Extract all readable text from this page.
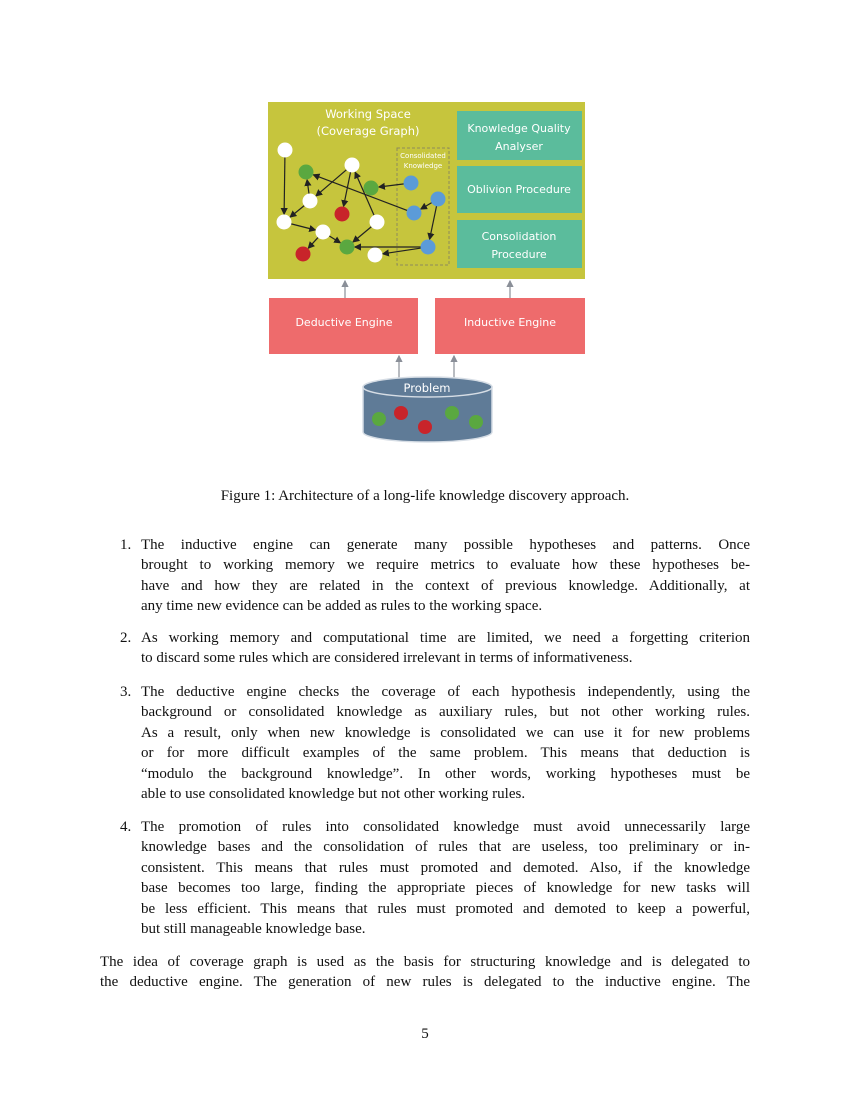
Working Space
(Coverage Graph)
Consolidated
Knowledge
Knowledge Quality
Analyser
Oblivion Procedure
Consolidation
Procedure
Deductive Engine	Inductive Engine
Problem
Figure 1: Architecture of a long-life knowledge discovery approach.
1. The inductive engine can generate many possible hypotheses and patterns. Once
brought to working memory we require metrics to evaluate how these hypotheses be-
have and how they are related in the context of previous knowledge. Additionally, at
any time new evidence can be added as rules to the working space.
2. As working memory and computational time are limited, we need a forgetting criterion
to discard some rules which are considered irrelevant in terms of informativeness.
3. The deductive engine checks the coverage of each hypothesis independently, using the
background or consolidated knowledge as auxiliary rules, but not other working rules.
As a result, only when new knowledge is consolidated we can use it for new problems
or for more difficult examples of the same problem. This means that deduction is
“modulo the background knowledge”. In other words, working hypotheses must be
able to use consolidated knowledge but not other working rules.
4. The promotion of rules into consolidated knowledge must avoid unnecessarily large
knowledge bases and the consolidation of rules that are useless, too preliminary or in-
consistent. This means that rules must promoted and demoted. Also, if the knowledge
base becomes too large, finding the appropriate pieces of knowledge for new tasks will
be less efficient. This means that rules must promoted and demoted to keep a powerful,
but still manageable knowledge base.
The idea of coverage graph is used as the basis for structuring knowledge and is delegated to
the deductive engine. The generation of new rules is delegated to the inductive engine. The
5
